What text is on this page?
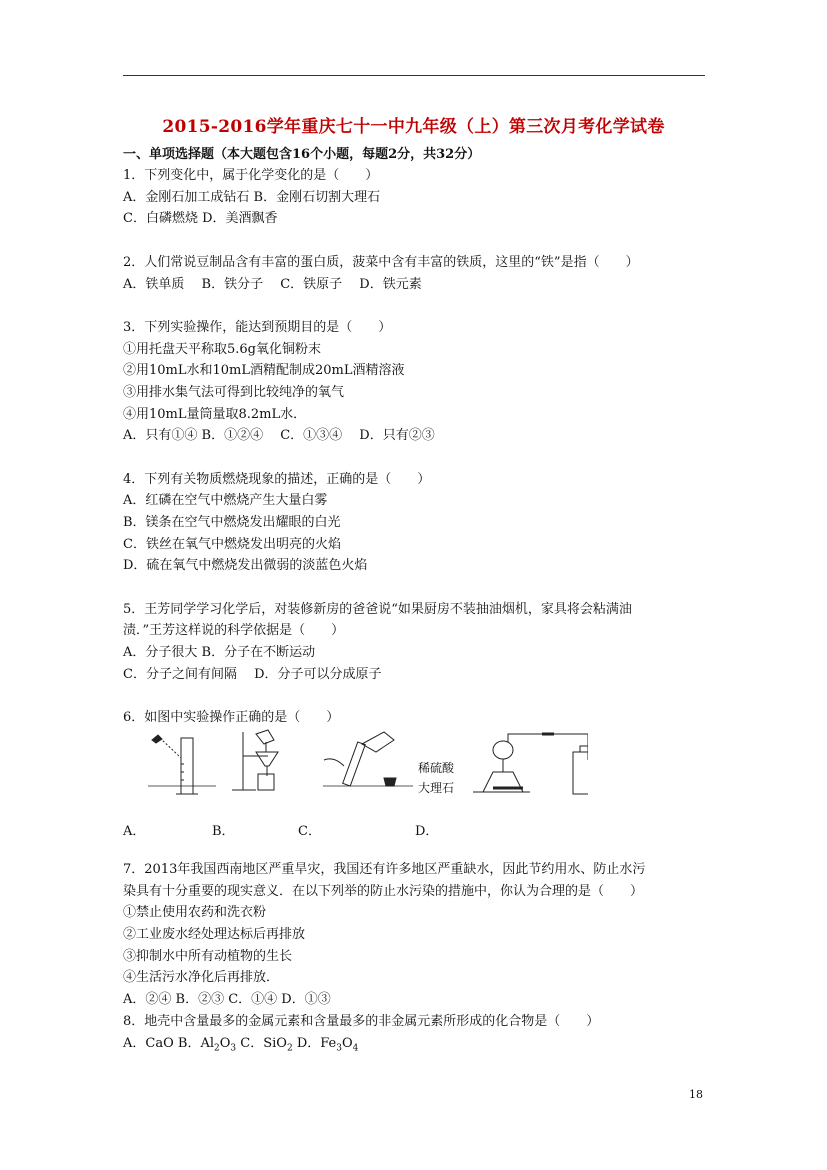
2015-2016学年重庆七十一中九年级（上）第三次月考化学试卷
一、单项选择题（本大题包含16个小题，每题2分，共32分）
1．下列变化中，属于化学变化的是（　　）
A．金刚石加工成钻石 B．金刚石切割大理石
C．白磷燃烧 D．美酒飘香
2．人们常说豆制品含有丰富的蛋白质，菠菜中含有丰富的铁质，这里的“铁”是指（　　）
A．铁单质　 B．铁分子　 C．铁原子　 D．铁元素
3．下列实验操作，能达到预期目的是（　　）
①用托盘天平称取5.6g氧化铜粉末
②用10mL水和10mL酒精配制成20mL酒精溶液
③用排水集气法可得到比较纯净的氧气
④用10mL量筒量取8.2mL水．
A．只有①④ B．①②④　 C．①③④　 D．只有②③
4．下列有关物质燃烧现象的描述，正确的是（　　）
A．红磷在空气中燃烧产生大量白雾
B．镁条在空气中燃烧发出耀眼的白光
C．铁丝在氧气中燃烧发出明亮的火焰
D．硫在氧气中燃烧发出微弱的淡蓝色火焰
5．王芳同学学习化学后，对装修新房的爸爸说“如果厨房不装抽油烟机，家具将会粘满油
渍．”王芳这样说的科学依据是（　　）
A．分子很大 B．分子在不断运动
C．分子之间有间隔　 D．分子可以分成原子
6．如图中实验操作正确的是（　　）
稀硫酸
大理石
A．	B．	C．	D．
7．2013年我国西南地区严重旱灾，我国还有许多地区严重缺水，因此节约用水、防止水污
染具有十分重要的现实意义．在以下列举的防止水污染的措施中，你认为合理的是（　　）
①禁止使用农药和洗衣粉
②工业废水经处理达标后再排放
③抑制水中所有动植物的生长
④生活污水净化后再排放．
A．②④ B．②③ C．①④ D．①③
8．地壳中含量最多的金属元素和含量最多的非金属元素所形成的化合物是（　　）
A．CaO B．$Al_2O_3$ C．SiO$_2$ D．$Fe_3O_4$
18
